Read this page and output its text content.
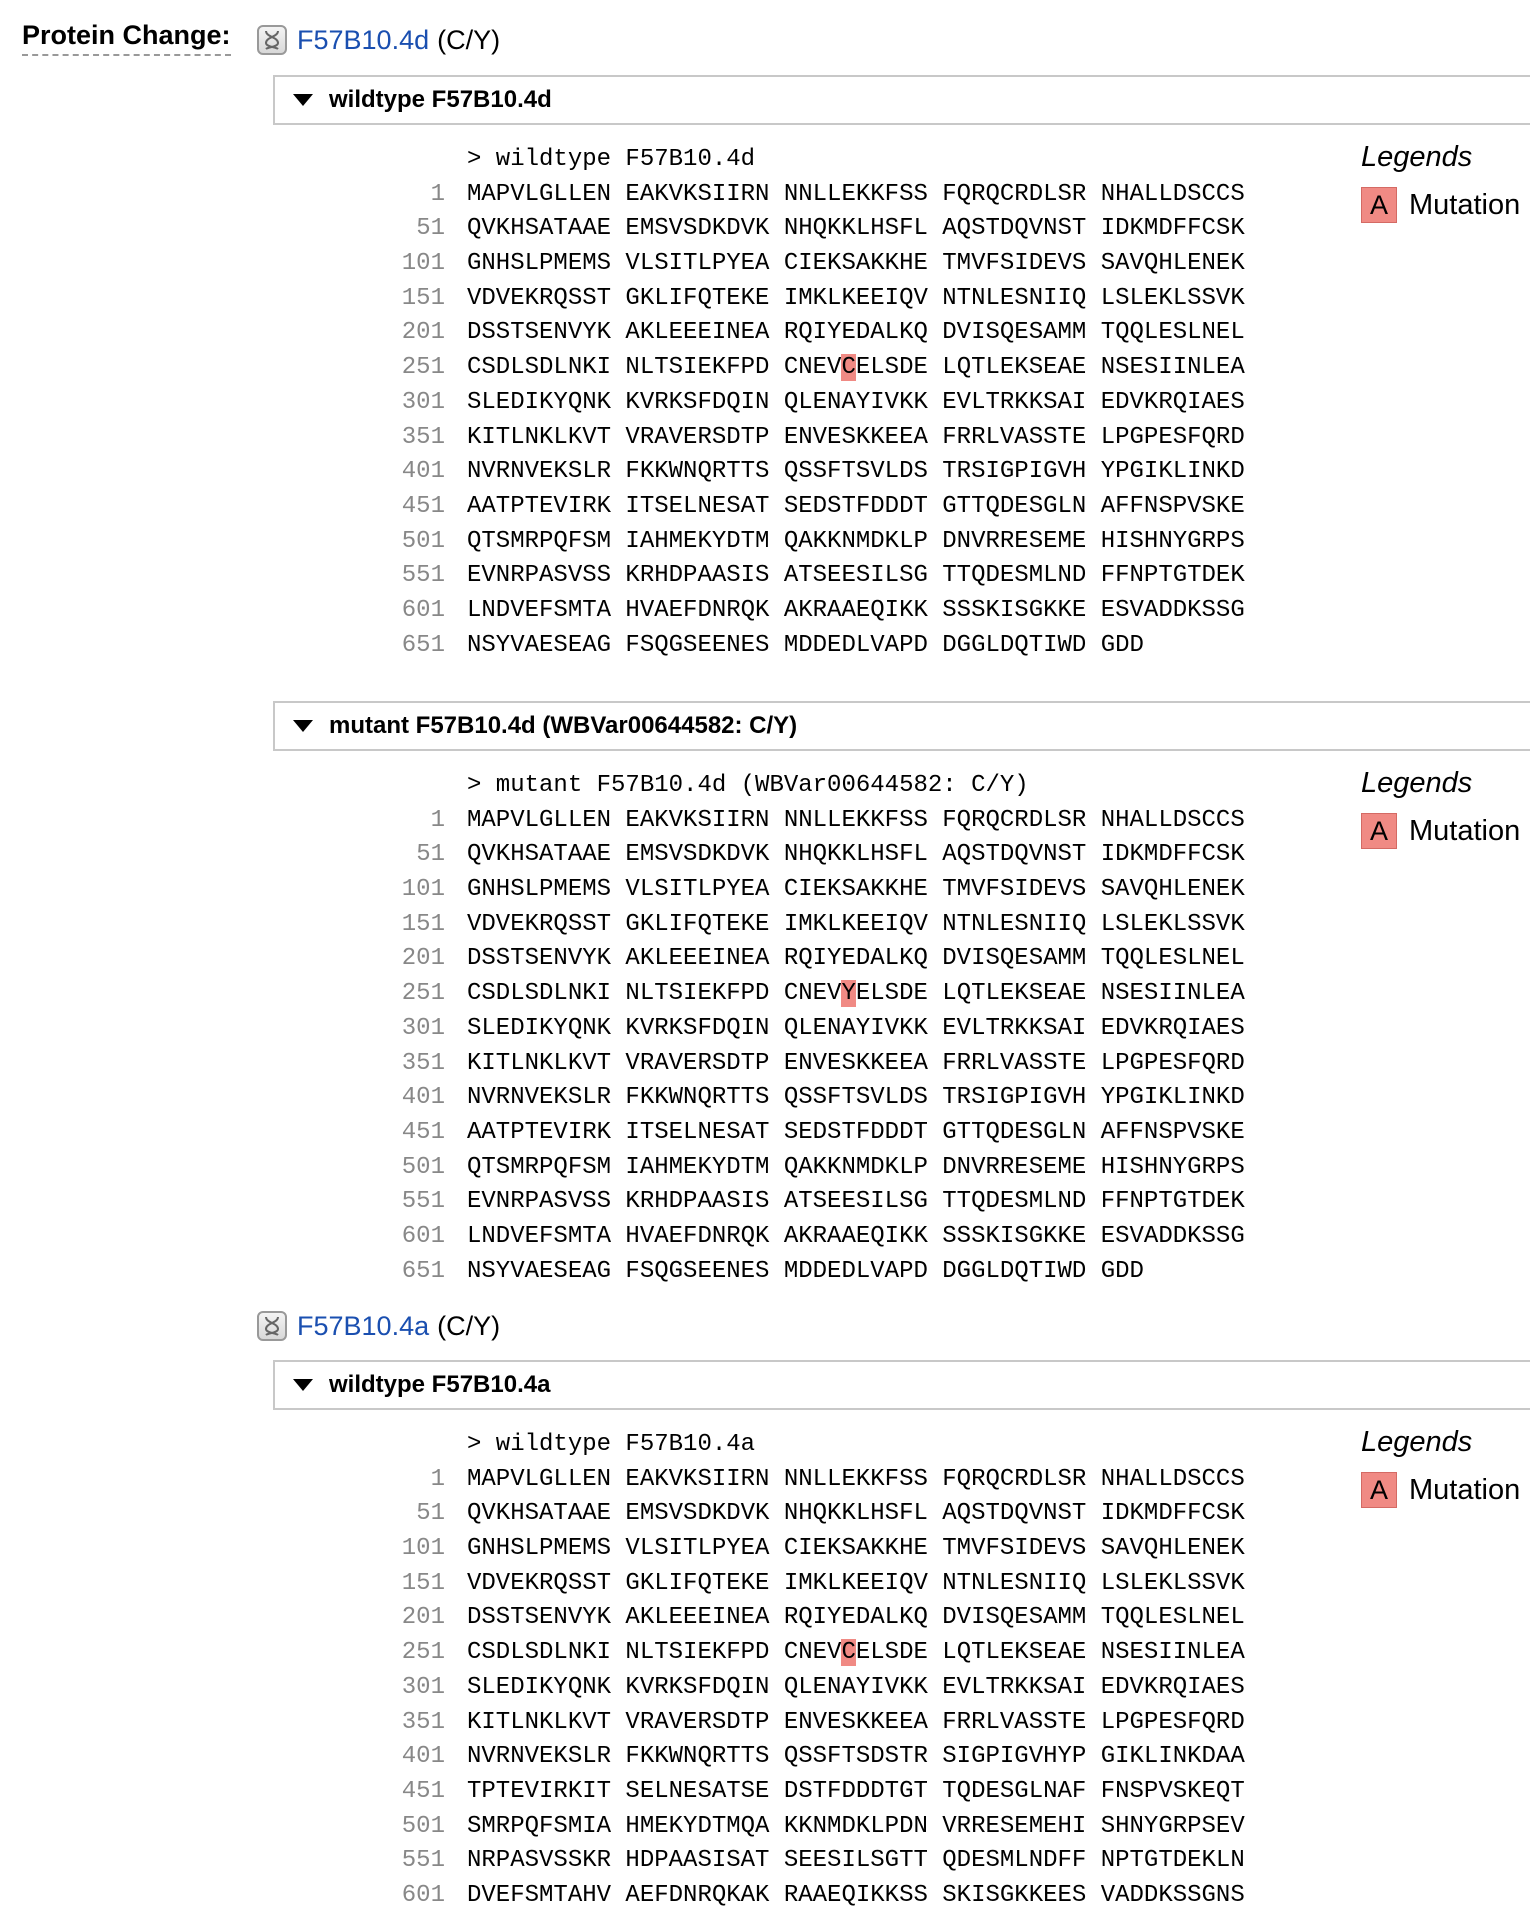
Protein Change: F57B10.4d (C/Y)
wildtype F57B10.4d
> wildtype F57B10.4d
1 MAPVLGLLEN EAKVKSIIRN NNLLEKKFSS FQRQCRDLSR NHALLDSCCS
51 QVKHSATAAE EMSVSDKDVK NHQKKLHSFL AQSTDQVNST IDKMDFFCSK
101 GNHSLPMEMS VLSITLPYEA CIEKSAKKHE TMVFSIDEVS SAVQHLENEK
151 VDVEKRQSST GKLIFQTEKE IMKLKEEIQV NTNLESNIIQ LSLEKLSSVK
201 DSSTSENVYK AKLEEEINEA RQIYEDALKQ DVISQESAMM TQQLESLNEL
251 CSDLSDLNKI NLTSIEKFPD CNEVCELSDE LQTLEKSEAE NSESIINLEA
301 SLEDIKYQNK KVRKSFDQIN QLENAYIVKK EVLTRKKSAI EDVKRQIAES
351 KITLNKLKVT VRAVERSDTP ENVESKKEEA FRRLVASSTE LPGPESFQRD
401 NVRNVEKSLR FKKWNQRTTS QSSFTSVLDS TRSIGPIGVH YPGIKLINKD
451 AATPTEVIRK ITSELNESAT SEDSTFDDDT GTTQDESGLN AFFNSPVSKE
501 QTSMRPQFSM IAHMEKYDTM QAKKNMDKLP DNVRRESEME HISHNYGRPS
551 EVNRPASVSS KRHDPAASIS ATSEESILSG TTQDESMLND FFNPTGTDEK
601 LNDVEFSMTA HVAEFDNRQK AKRAAEQIKK SSSKISGKKE ESVADDKSSG
651 NSYVAESEAG FSQGSEENES MDDEDLVAPD DGGLDQTIWD GDD
Legends
A Mutation
mutant F57B10.4d (WBVar00644582: C/Y)
> mutant F57B10.4d (WBVar00644582: C/Y)
1 MAPVLGLLEN EAKVKSIIRN NNLLEKKFSS FQRQCRDLSR NHALLDSCCS
51 QVKHSATAAE EMSVSDKDVK NHQKKLHSFL AQSTDQVNST IDKMDFFCSK
101 GNHSLPMEMS VLSITLPYEA CIEKSAKKHE TMVFSIDEVS SAVQHLENEK
151 VDVEKRQSST GKLIFQTEKE IMKLKEEIQV NTNLESNIIQ LSLEKLSSVK
201 DSSTSENVYK AKLEEEINEA RQIYEDALKQ DVISQESAMM TQQLESLNEL
251 CSDLSDLNKI NLTSIEKFPD CNEVYELSDE LQTLEKSEAE NSESIINLEA
301 SLEDIKYQNK KVRKSFDQIN QLENAYIVKK EVLTRKKSAI EDVKRQIAES
351 KITLNKLKVT VRAVERSDTP ENVESKKEEA FRRLVASSTE LPGPESFQRD
401 NVRNVEKSLR FKKWNQRTTS QSSFTSVLDS TRSIGPIGVH YPGIKLINKD
451 AATPTEVIRK ITSELNESAT SEDSTFDDDT GTTQDESGLN AFFNSPVSKE
501 QTSMRPQFSM IAHMEKYDTM QAKKNMDKLP DNVRRESEME HISHNYGRPS
551 EVNRPASVSS KRHDPAASIS ATSEESILSG TTQDESMLND FFNPTGTDEK
601 LNDVEFSMTA HVAEFDNRQK AKRAAEQIKK SSSKISGKKE ESVADDKSSG
651 NSYVAESEAG FSQGSEENES MDDEDLVAPD DGGLDQTIWD GDD
Legends
A Mutation
F57B10.4a (C/Y)
wildtype F57B10.4a
> wildtype F57B10.4a
1 MAPVLGLLEN EAKVKSIIRN NNLLEKKFSS FQRQCRDLSR NHALLDSCCS
51 QVKHSATAAE EMSVSDKDVK NHQKKLHSFL AQSTDQVNST IDKMDFFCSK
101 GNHSLPMEMS VLSITLPYEA CIEKSAKKHE TMVFSIDEVS SAVQHLENEK
151 VDVEKRQSST GKLIFQTEKE IMKLKEEIQV NTNLESNIIQ LSLEKLSSVK
201 DSSTSENVYK AKLEEEINEA RQIYEDALKQ DVISQESAMM TQQLESLNEL
251 CSDLSDLNKI NLTSIEKFPD CNEVCELSDE LQTLEKSEAE NSESIINLEA
301 SLEDIKYQNK KVRKSFDQIN QLENAYIVKK EVLTRKKSAI EDVKRQIAES
351 KITLNKLKVT VRAVERSDTP ENVESKKEEA FRRLVASSTE LPGPESFQRD
401 NVRNVEKSLR FKKWNQRTTS QSSFTSDSTR SIGPIGVHYP GIKLINKDAA
451 TPTEVIRKIT SELNESATSE DSTFDDDTGT TQDESGLNAF FNSPVSKEQT
501 SMRPQFSMIA HMEKYDTMQA KKNMDKLPDN VRRESEMEHI SHNYGRPSEV
551 NRPASVSSKR HDPAASISAT SEESILSGTT QDESMLNDFF NPTGTDEKLN
601 DVEFSMTAHV AEFDNRQKAK RAAEQIKKSS SKISGKKEES VADDKSSGNS
Legends
A Mutation
